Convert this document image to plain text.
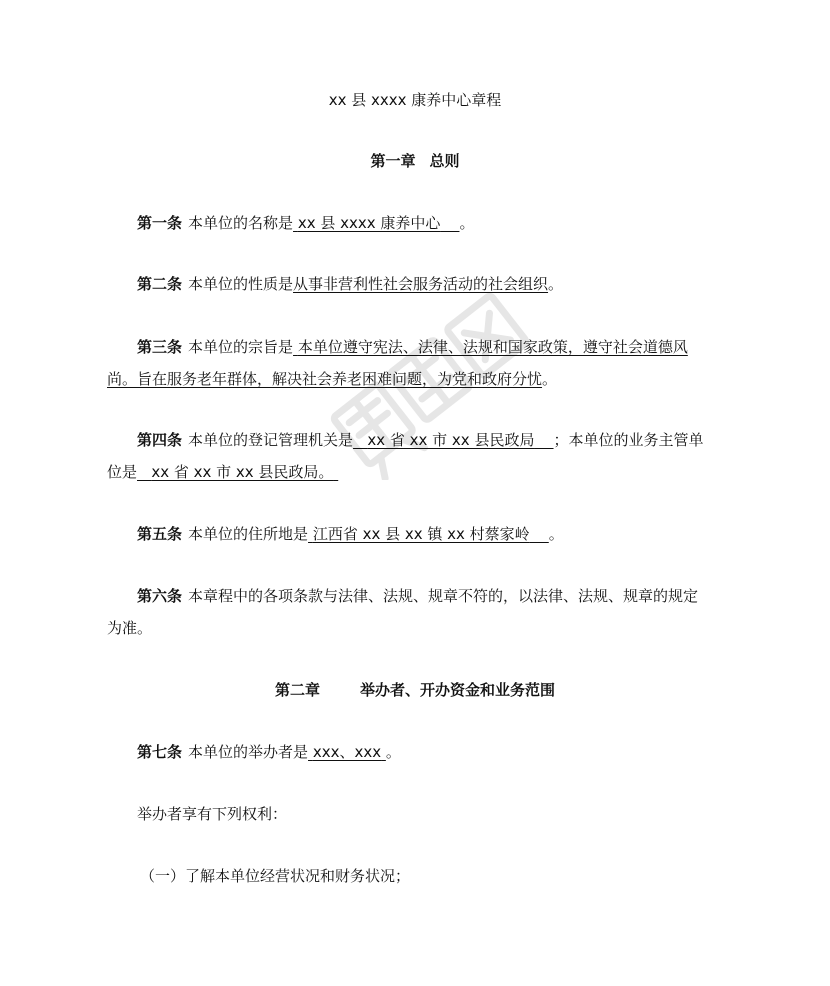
xx 县 xxxx 康养中心章程
第一章 总则
第一条 本单位的名称是 xx 县 xxxx 康养中心 。
第二条 本单位的性质是从事非营利性社会服务活动的社会组织。
第三条 本单位的宗旨是 本单位遵守宪法、法律、法规和国家政策，遵守社会道德风
尚。旨在服务老年群体，解决社会养老困难问题，为党和政府分忧。
第四条 本单位的登记管理机关是 xx 省 xx 市 xx 县民政局 ；本单位的业务主管单
位是 xx 省 xx 市 xx 县民政局。
第五条 本单位的住所地是 江西省 xx 县 xx 镇 xx 村蔡家岭 。
第六条 本章程中的各项条款与法律、法规、规章不符的，以法律、法规、规章的规定
为准。
第二章	举办者、开办资金和业务范围
第七条 本单位的举办者是 xxx、xxx 。
举办者享有下列权利：
（一）了解本单位经营状况和财务状况；
